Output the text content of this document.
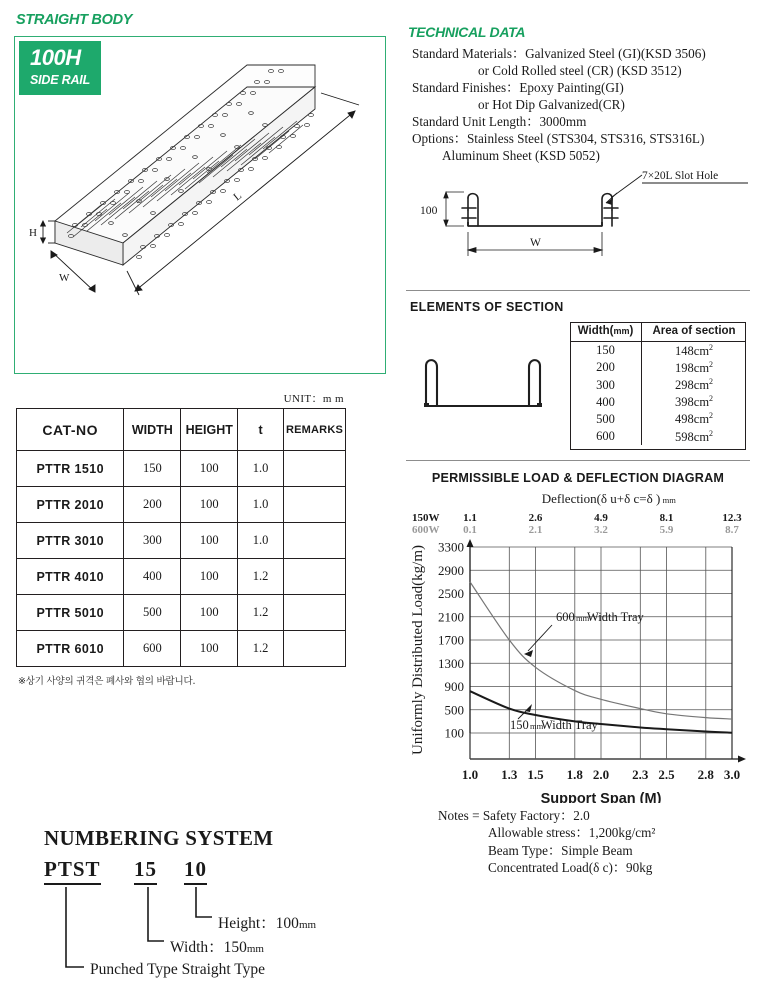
STRAIGHT BODY
100H
SIDE RAIL
H
W
L
UNIT：m m
CAT-NO	WIDTH	HEIGHT	t	REMARKS
PTTR 1510	150	100	1.0	
PTTR 2010	200	100	1.0	
PTTR 3010	300	100	1.0	
PTTR 4010	400	100	1.2	
PTTR 5010	500	100	1.2	
PTTR 6010	600	100	1.2	
※상기 사양의 귀격은 폐사와 협의 바랍니다.
NUMBERING SYSTEM
PTST 15 10
Height：100mm
Width：150mm
Punched Type Straight Type
TECHNICAL DATA
Standard Materials：Galvanized Steel (GI)(KSD 3506)
or Cold Rolled steel (CR) (KSD 3512)
Standard Finishes：Epoxy Painting(GI)
or Hot Dip Galvanized(CR)
Standard Unit Length：3000mm
Options：Stainless Steel (STS304, STS316, STS316L)
Aluminum Sheet (KSD 5052)
7×20L Slot Hole
100
W
ELEMENTS OF SECTION
Width(mm)	Area of section
150	$148cm^2$
200	$198cm^2$
300	$298cm^2$
400	$398cm^2$
500	$498cm^2$
600	$598cm^2$
PERMISSIBLE LOAD & DEFLECTION DIAGRAM
Deflection(δ u+δ c=δ ) mm
150W 1.1	2.6	4.9	8.1	12.3
600W 0.1	2.1	3.2	5.9	8.7
100
500
900
1300
1700
2100
2500
2900
3300
1.0 1.3 1.5 1.8 2.0 2.3 2.5 2.8 3.0
600 mm
Width Tray
150 mm
Width Tray
Uniformly Distributed Load(kg/m)
Support Span (M)
Notes = Safety Factory：2.0
Allowable stress：1,200kg/cm²
Beam Type：Simple Beam
Concentrated Load(δ c)：90kg
